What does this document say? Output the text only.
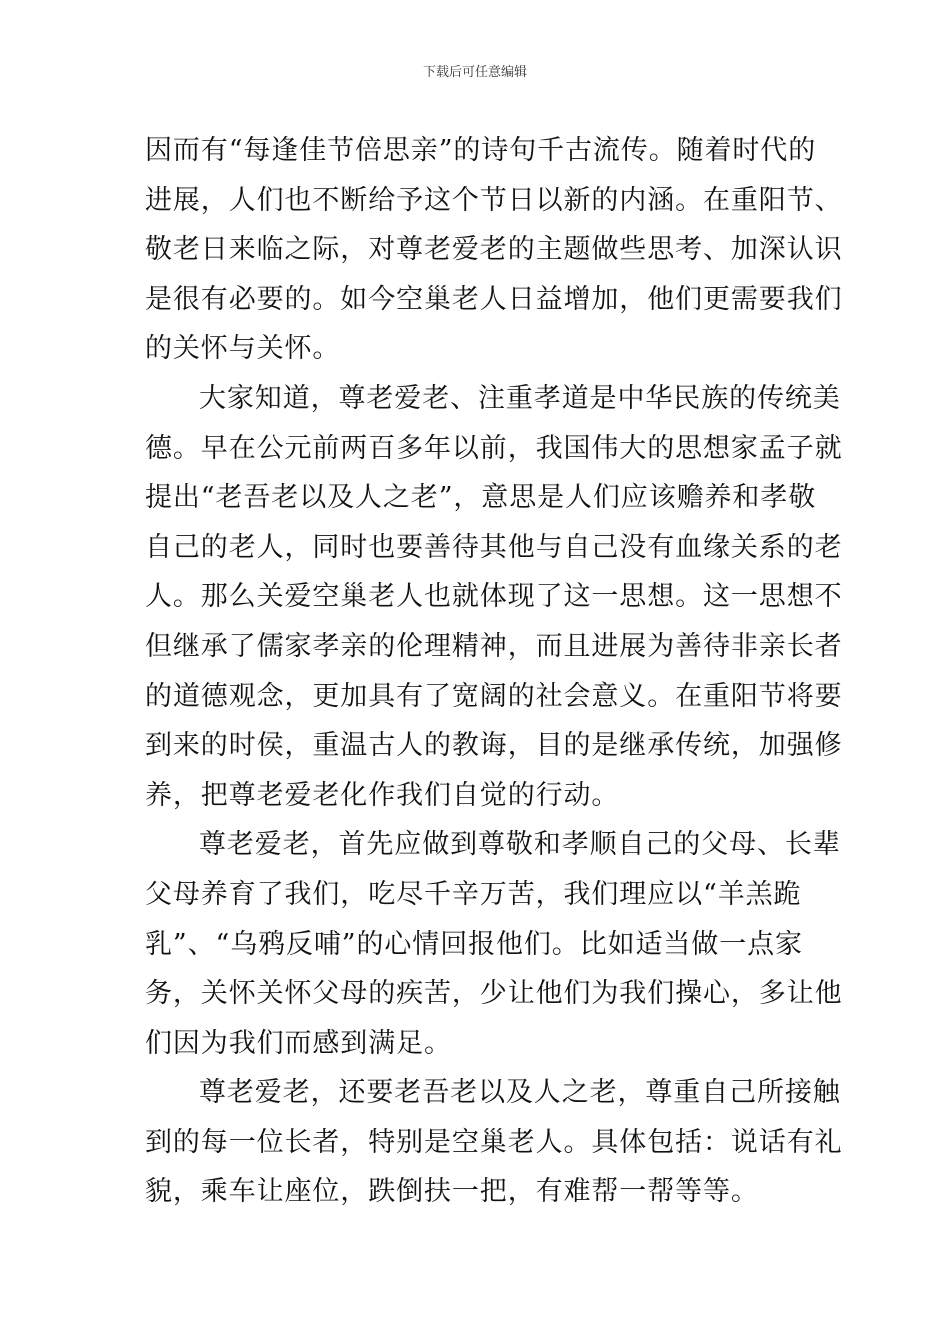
下载后可任意编辑
因而有“每逢佳节倍思亲”的诗句千古流传。随着时代的
进展，人们也不断给予这个节日以新的内涵。在重阳节、
敬老日来临之际，对尊老爱老的主题做些思考、加深认识
是很有必要的。如今空巢老人日益增加，他们更需要我们
的关怀与关怀。
大家知道，尊老爱老、注重孝道是中华民族的传统美
德。早在公元前两百多年以前，我国伟大的思想家孟子就
提出“老吾老以及人之老”，意思是人们应该赡养和孝敬
自己的老人，同时也要善待其他与自己没有血缘关系的老
人。那么关爱空巢老人也就体现了这一思想。这一思想不
但继承了儒家孝亲的伦理精神，而且进展为善待非亲长者
的道德观念，更加具有了宽阔的社会意义。在重阳节将要
到来的时侯，重温古人的教诲，目的是继承传统，加强修
养，把尊老爱老化作我们自觉的行动。
尊老爱老，首先应做到尊敬和孝顺自己的父母、长辈
父母养育了我们，吃尽千辛万苦，我们理应以“羊羔跪
乳”、“乌鸦反哺”的心情回报他们。比如适当做一点家
务，关怀关怀父母的疾苦，少让他们为我们操心，多让他
们因为我们而感到满足。
尊老爱老，还要老吾老以及人之老，尊重自己所接触
到的每一位长者，特别是空巢老人。具体包括：说话有礼
貌，乘车让座位，跌倒扶一把，有难帮一帮等等。
